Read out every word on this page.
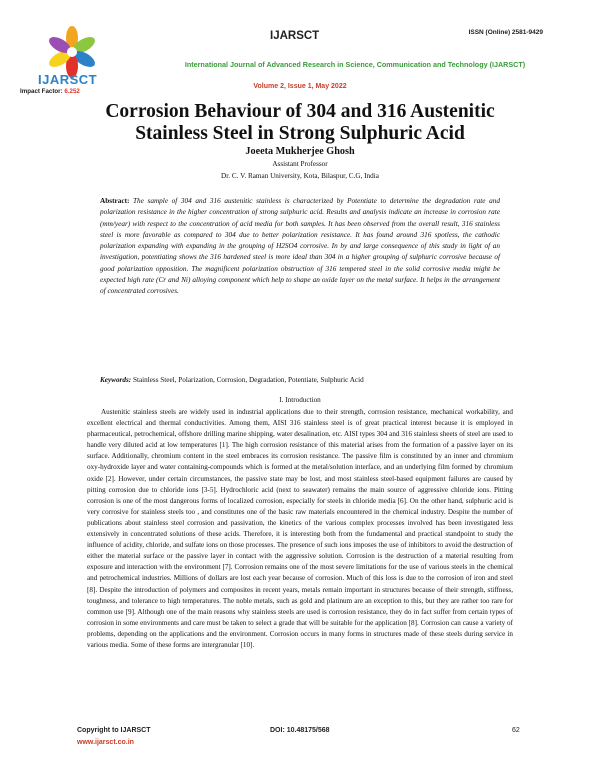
IJARSCT
Impact Factor: 6.252
IJARSCT	ISSN (Online) 2581-9429
International Journal of Advanced Research in Science, Communication and Technology (IJARSCT)
Volume 2, Issue 1, May 2022
Corrosion Behaviour of 304 and 316 Austenitic
Stainless Steel in Strong Sulphuric Acid
Joeeta Mukherjee Ghosh
Assistant Professor
Dr. C. V. Raman University, Kota, Bilaspur, C.G, India
Abstract: The sample of 304 and 316 austenitic stainless is characterized by Potentiate to determine the degradation rate and polarization resistance in the higher concentration of strong sulphuric acid. Results and analysis indicate an increase in corrosion rate (mm/year) with respect to the concentration of acid media for both samples. It has been observed from the overall result, 316 stainless steel is more favorable as compared to 304 due to better polarization resistance. It has found around 316 spotless, the cathodic polarization expanding with expanding in the grouping of H2SO4 corrosive. In by and large consequence of this study in light of an investigation, potentiating shows the 316 hardened steel is more ideal than 304 in a higher grouping of sulphuric corrosive because of good polarization opposition. The magnificent polarization obstruction of 316 tempered steel in the solid corrosive media might be expected high rate (Cr and Ni) alloying component which help to shape an oxide layer on the metal surface. It helps in the arrangement of concentrated corrosives.
Keywords: Stainless Steel, Polarization, Corrosion, Degradation, Potentiate, Sulphuric Acid
I. Introduction
Austenitic stainless steels are widely used in industrial applications due to their strength, corrosion resistance, mechanical workability, and excellent electrical and thermal conductivities. Among them, AISI 316 stainless steel is of great practical interest because it is employed in pharmaceutical, petrochemical, offshore drilling marine shipping, water desalination, etc. AISI types 304 and 316 stainless sheets of steel are used to handle very diluted acid at low temperatures [1]. The high corrosion resistance of this material arises from the formation of a passive layer on its surface. Additionally, chromium content in the steel embraces its corrosion resistance. The passive film is constituted by an inner and chromium oxy-hydroxide layer and water containing-compounds which is formed at the metal/solution interface, and an underlying film formed by chromium oxide [2]. However, under certain circumstances, the passive state may be lost, and most stainless steel-based equipment failures are caused by pitting corrosion due to chloride ions [3-5]. Hydrochloric acid (next to seawater) remains the main source of aggressive chloride ions. Pitting corrosion is one of the most dangerous forms of localized corrosion, especially for steels in chloride media [6]. On the other hand, sulphuric acid is very corrosive for stainless steels too , and constitutes one of the basic raw materials encountered in the chemical industry. Despite the number of publications about stainless steel corrosion and passivation, the kinetics of the various complex processes involved has been investigated less extensively in concentrated solutions of these acids. Therefore, it is interesting both from the fundamental and practical standpoint to study the influence of acidity, chloride, and sulfate ions on those processes. The presence of such ions imposes the use of inhibitors to avoid the destruction of either the material surface or the passive layer in contact with the aggressive solution. Corrosion is the destruction of a material resulting from exposure and interaction with the environment [7]. Corrosion remains one of the most severe limitations for the use of various steels in the chemical and petrochemical industries. Millions of dollars are lost each year because of corrosion. Much of this loss is due to the corrosion of iron and steel [8]. Despite the introduction of polymers and composites in recent years, metals remain important in structures because of their strength, stiffness, toughness, and tolerance to high temperatures. The noble metals, such as gold and platinum are an exception to this, but they are rather too rare for common use [9]. Although one of the main reasons why stainless steels are used is corrosion resistance, they do in fact suffer from certain types of corrosion in some environments and care must be taken to select a grade that will be suitable for the application [8]. Corrosion can cause a variety of problems, depending on the applications and the environment. Corrosion occurs in many forms in structures made of these steels during service in various media. Some of these forms are intergranular [10].
Copyright to IJARSCT
www.ijarsct.co.in
DOI: 10.48175/568	62
